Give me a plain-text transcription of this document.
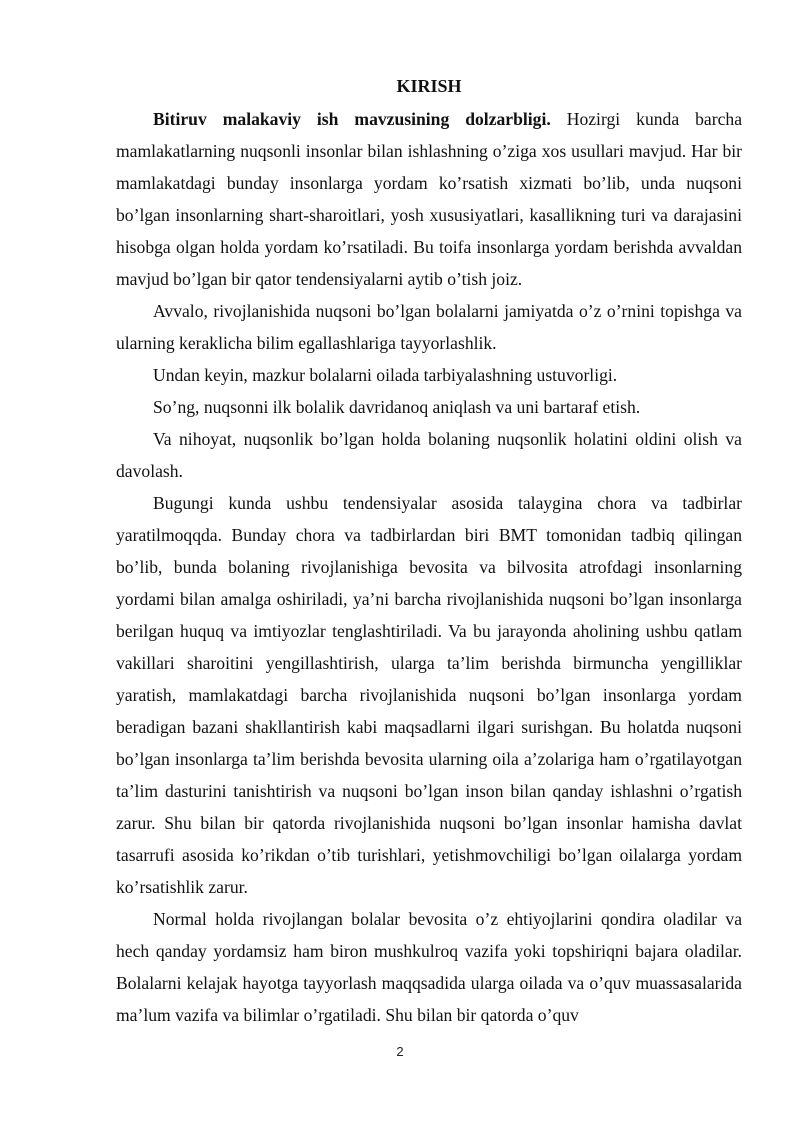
KIRISH

Bitiruv malakaviy ish mavzusining dolzarbligi. Hozirgi kunda barcha mamlakatlarning nuqsonli insonlar bilan ishlashning o’ziga xos usullari mavjud. Har bir mamlakatdagi bunday insonlarga yordam ko’rsatish xizmati bo’lib, unda nuqsoni bo’lgan insonlarning shart-sharoitlari, yosh xususiyatlari, kasallikning turi va darajasini hisobga olgan holda yordam ko’rsatiladi. Bu toifa insonlarga yordam berishda avvaldan mavjud bo’lgan bir qator tendensiyalarni aytib o’tish joiz.

Avvalo, rivojlanishida nuqsoni bo’lgan bolalarni jamiyatda o’z o’rnini topishga va ularning keraklicha bilim egallashlariga tayyorlashlik.

Undan keyin, mazkur bolalarni oilada tarbiyalashning ustuvorligi.

So’ng, nuqsonni ilk bolalik davridanoq aniqlash va uni bartaraf etish.

Va nihoyat, nuqsonlik bo’lgan holda bolaning nuqsonlik holatini oldini olish va davolash.

Bugungi kunda ushbu tendensiyalar asosida talaygina chora va tadbirlar yaratilmoqqda. Bunday chora va tadbirlardan biri BMT tomonidan tadbiq qilingan bo’lib, bunda bolaning rivojlanishiga bevosita va bilvosita atrofdagi insonlarning yordami bilan amalga oshiriladi, ya’ni barcha rivojlanishida nuqsoni bo’lgan insonlarga berilgan huquq va imtiyozlar tenglashtiriladi. Va bu jarayonda aholining ushbu qatlam vakillari sharoitini yengillashtirish, ularga ta’lim berishda birmuncha yengilliklar yaratish, mamlakatdagi barcha rivojlanishida nuqsoni bo’lgan insonlarga yordam beradigan bazani shakllantirish kabi maqsadlarni ilgari surishgan. Bu holatda nuqsoni bo’lgan insonlarga ta’lim berishda bevosita ularning oila a’zolariga ham o’rgatilayotgan ta’lim dasturini tanishtirish va nuqsoni bo’lgan inson bilan qanday ishlashni o’rgatish zarur. Shu bilan bir qatorda rivojlanishida nuqsoni bo’lgan insonlar hamisha davlat tasarrufi asosida ko’rikdan o’tib turishlari, yetishmovchiligi bo’lgan oilalarga yordam ko’rsatishlik zarur.

Normal holda rivojlangan bolalar bevosita o’z ehtiyojlarini qondira oladilar va hech qanday yordamsiz ham biron mushkulroq vazifa yoki topshiriqni bajara oladilar. Bolalarni kelajak hayotga tayyorlash maqqsadida ularga oilada va o’quv muassasalarida ma’lum vazifa va bilimlar o’rgatiladi. Shu bilan bir qatorda o’quv

2
